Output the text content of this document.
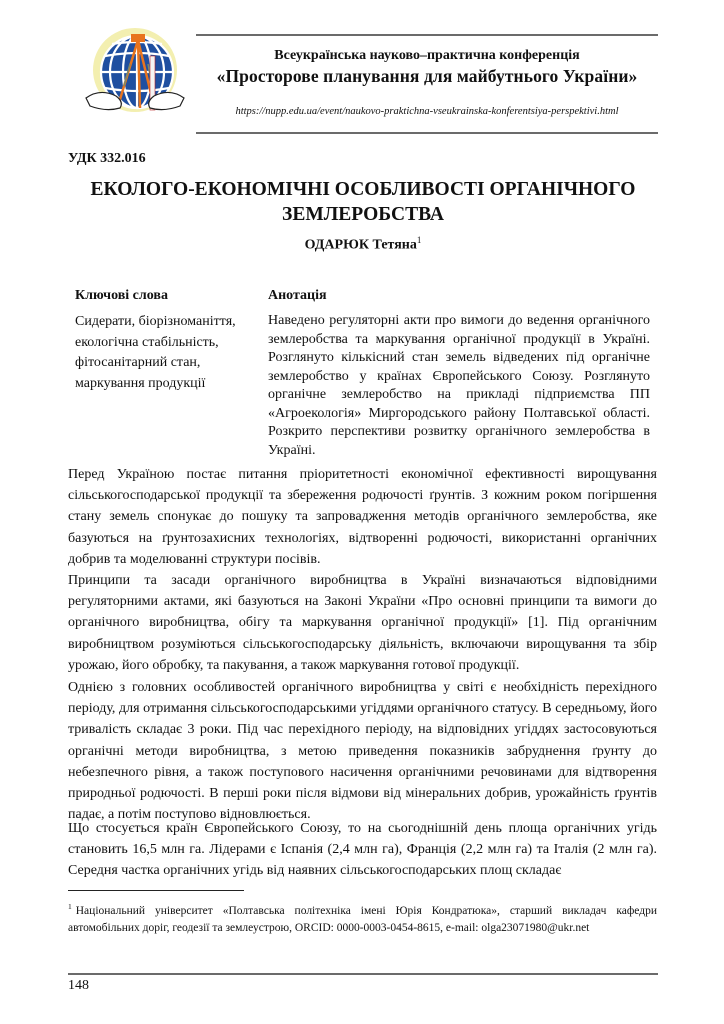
Всеукраїнська науково–практична конференція
«Просторове планування для майбутнього України»
https://nupp.edu.ua/event/naukovo-praktichna-vseukrainska-konferentsiya-perspektivi.html
УДК 332.016
ЕКОЛОГО-ЕКОНОМІЧНІ ОСОБЛИВОСТІ ОРГАНІЧНОГО ЗЕМЛЕРОБСТВА
ОДАРЮК Тетяна$^1$
Ключові слова	Анотація
Сидерати, біорізноманіття, екологічна стабільність, фітосанітарний стан, маркування продукції
Наведено регуляторні акти про вимоги до ведення органічного землеробства та маркування органічної продукції в Україні. Розглянуто кількісний стан земель відведених під органічне землеробство у країнах Європейського Союзу. Розглянуто органічне землеробство на прикладі підприємства ПП «Агроекологія» Миргородського району Полтавської області. Розкрито перспективи розвитку органічного землеробства в Україні.
Перед Україною постає питання пріоритетності економічної ефективності вирощування сільськогосподарської продукції та збереження родючості ґрунтів. З кожним роком погіршення стану земель спонукає до пошуку та запровадження методів органічного землеробства, яке базуються на ґрунтозахисних технологіях, відтворенні родючості, використанні органічних добрив та моделюванні структури посівів.
Принципи та засади органічного виробництва в Україні визначаються відповідними регуляторними актами, які базуються на Законі України «Про основні принципи та вимоги до органічного виробництва, обігу та маркування органічної продукції» [1]. Під органічним виробництвом розуміються сільськогосподарську діяльність, включаючи вирощування та збір урожаю, його обробку, та пакування, а також маркування готової продукції.
Однією з головних особливостей органічного виробництва у світі є необхідність перехідного періоду, для отримання сільськогосподарськими угіддями органічного статусу. В середньому, його тривалість складає 3 роки. Під час перехідного періоду, на відповідних угіддях застосовуються органічні методи виробництва, з метою приведення показників забруднення ґрунту до небезпечного рівня, а також поступового насичення органічними речовинами для відтворення природньої родючості. В перші роки після відмови від мінеральних добрив, урожайність ґрунтів падає, а потім поступово відновлюється.
Що стосується країн Європейського Союзу, то на сьогоднішній день площа органічних угідь становить 16,5 млн га. Лідерами є Іспанія (2,4 млн га), Франція (2,2 млн га) та Італія (2 млн га). Середня частка органічних угідь від наявних сільськогосподарських площ складає
$^1$ Національний університет «Полтавська політехніка імені Юрія Кондратюка», старший викладач кафедри автомобільних доріг, геодезії та землеустрою, ORCID: 0000-0003-0454-8615, e-mail: olga23071980@ukr.net
148
